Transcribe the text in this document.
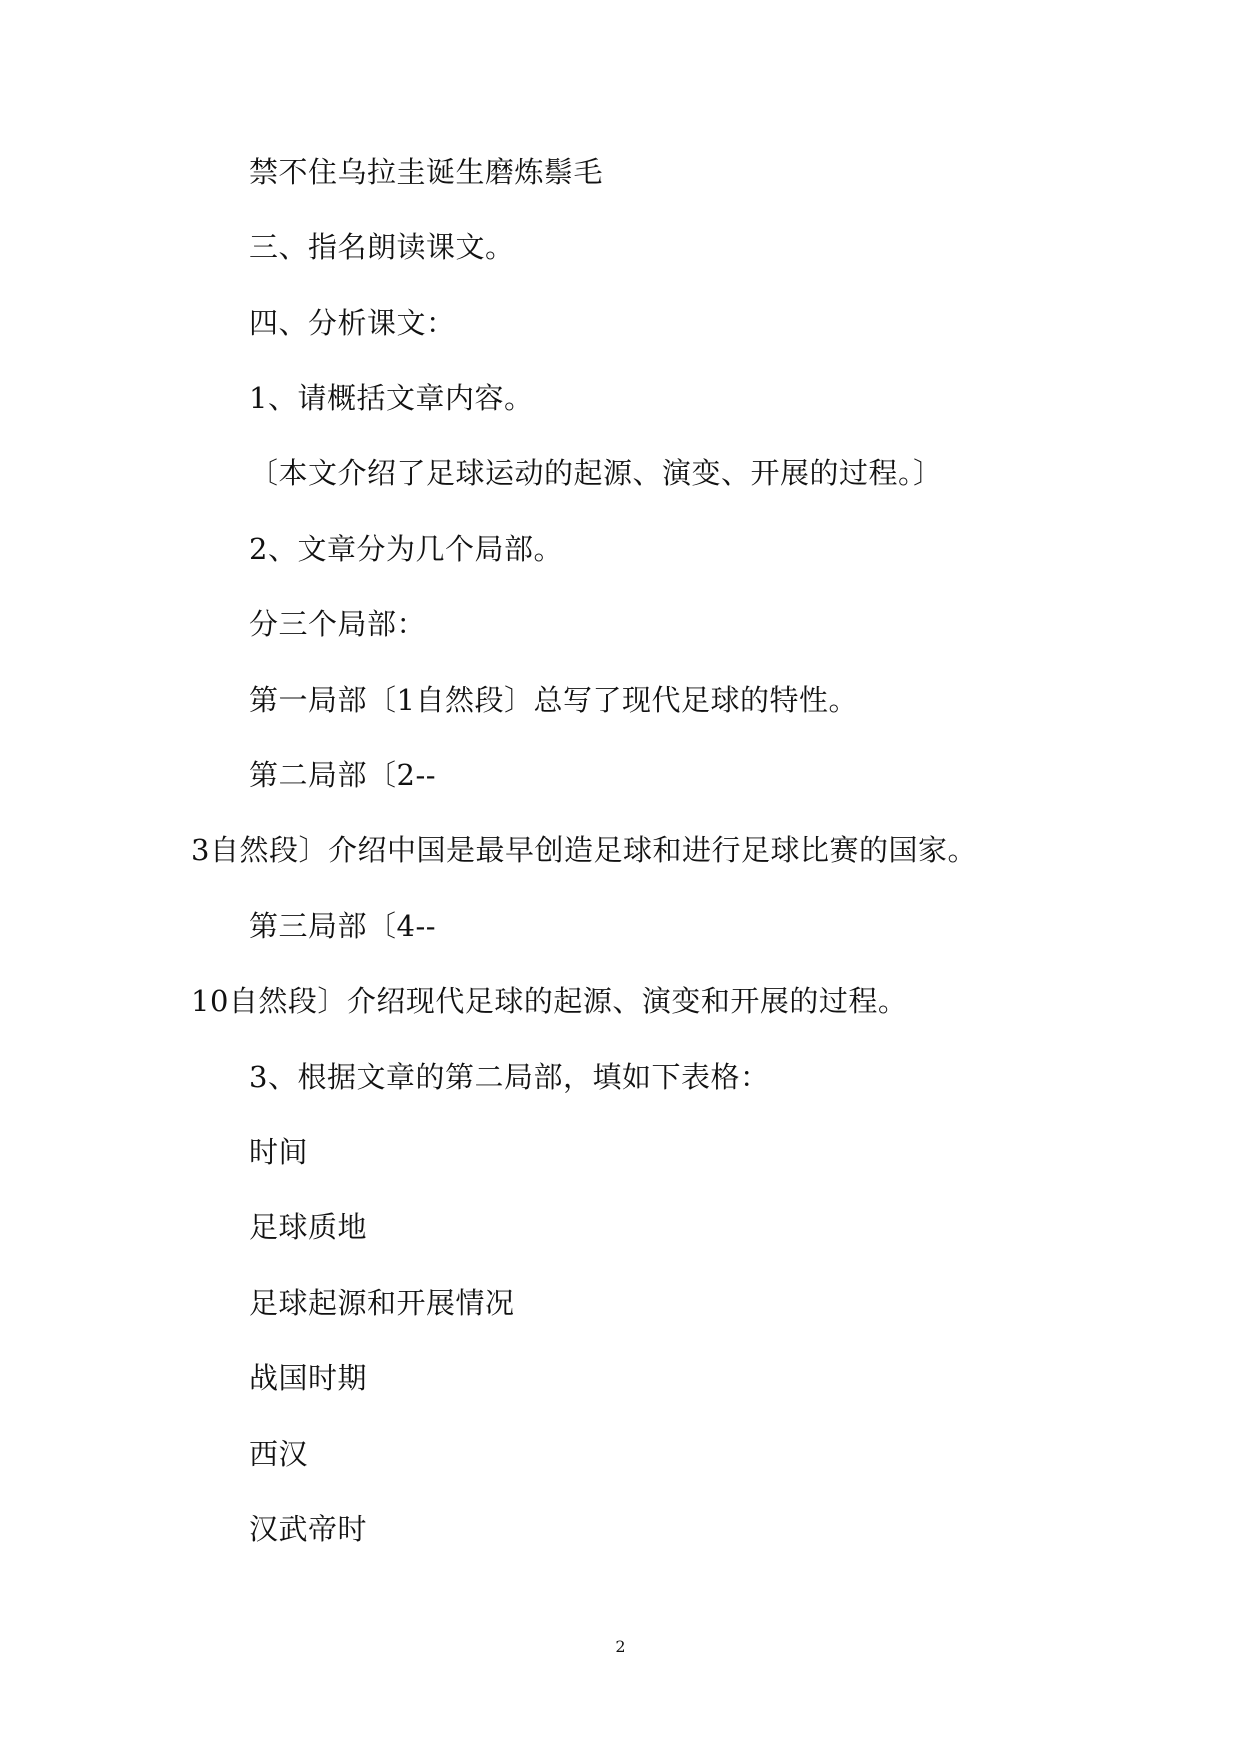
禁不住乌拉圭诞生磨炼鬃毛
三、指名朗读课文。
四、分析课文：
1、请概括文章内容。
〔本文介绍了足球运动的起源、演变、开展的过程。〕
2、文章分为几个局部。
分三个局部：
第一局部〔1自然段〕总写了现代足球的特性。
第二局部〔2--
3自然段〕介绍中国是最早创造足球和进行足球比赛的国家。
第三局部〔4--
10自然段〕介绍现代足球的起源、演变和开展的过程。
3、根据文章的第二局部，填如下表格：
时间
足球质地
足球起源和开展情况
战国时期
西汉
汉武帝时
2
